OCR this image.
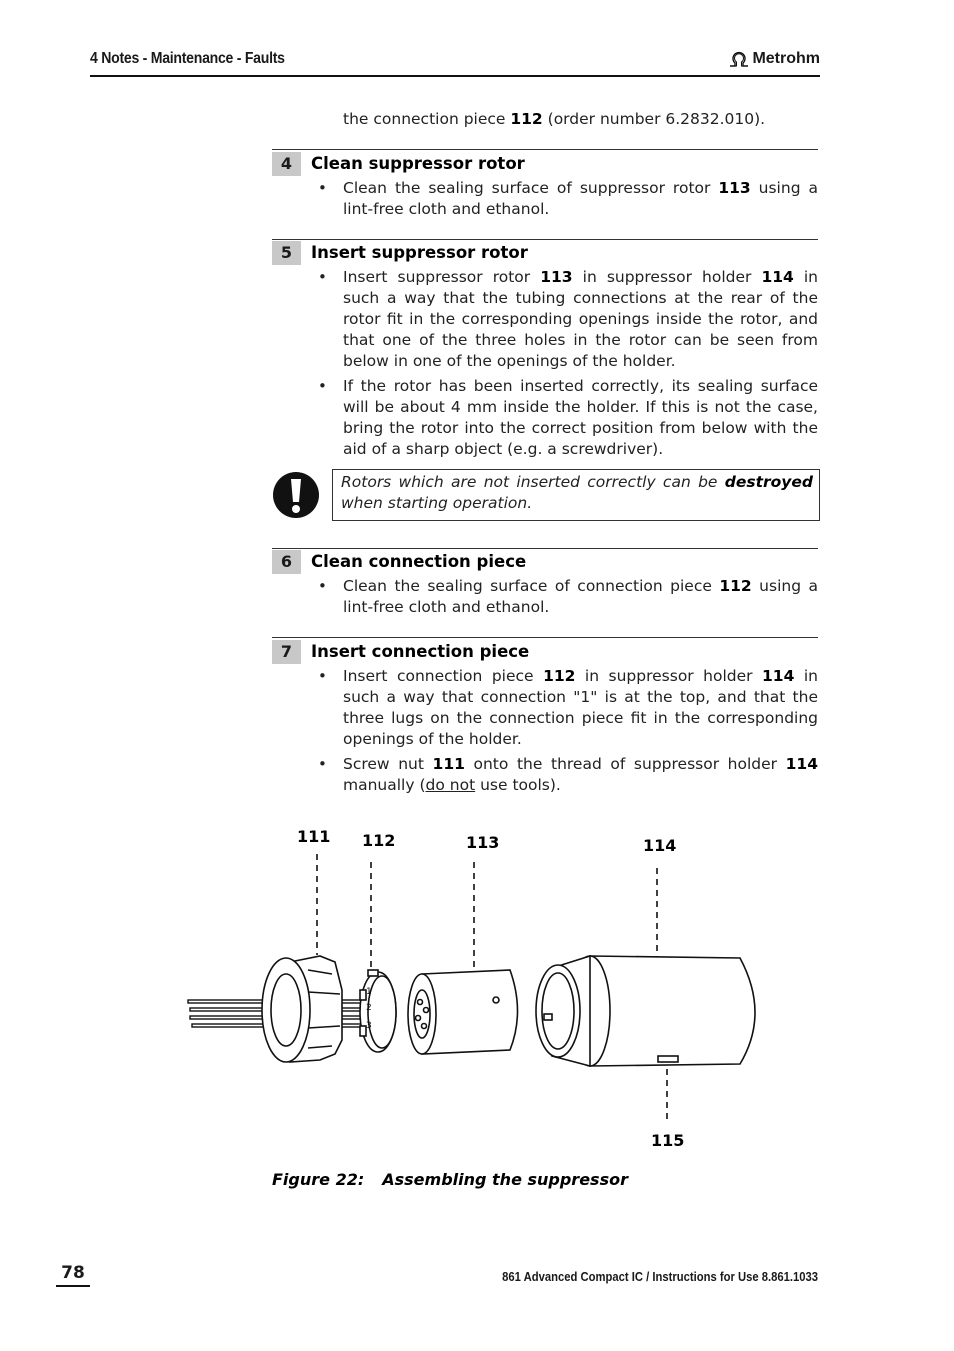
4 Notes - Maintenance - Faults	Metrohm
the connection piece 112 (order number 6.2832.010).
4	Clean suppressor rotor
• Clean the sealing surface of suppressor rotor 113 using a lint-free cloth and ethanol.
5	Insert suppressor rotor
• Insert suppressor rotor 113 in suppressor holder 114 in such a way that the tubing connections at the rear of the rotor fit in the corresponding openings inside the rotor, and that one of the three holes in the rotor can be seen from below in one of the openings of the holder.
• If the rotor has been inserted correctly, its sealing surface will be about 4 mm inside the holder. If this is not the case, bring the rotor into the correct position from below with the aid of a sharp object (e.g. a screwdriver).
Rotors which are not inserted correctly can be destroyed when starting operation.
6	Clean connection piece
• Clean the sealing surface of connection piece 112 using a lint-free cloth and ethanol.
7	Insert connection piece
• Insert connection piece 112 in suppressor holder 114 in such a way that connection "1" is at the top, and that the three lugs on the connection piece fit in the corresponding openings of the holder.
• Screw nut 111 onto the thread of suppressor holder 114 manually (do not use tools).
111 112	113	114
115
1
2
3
Figure 22: Assembling the suppressor
78	861 Advanced Compact IC / Instructions for Use 8.861.1033
